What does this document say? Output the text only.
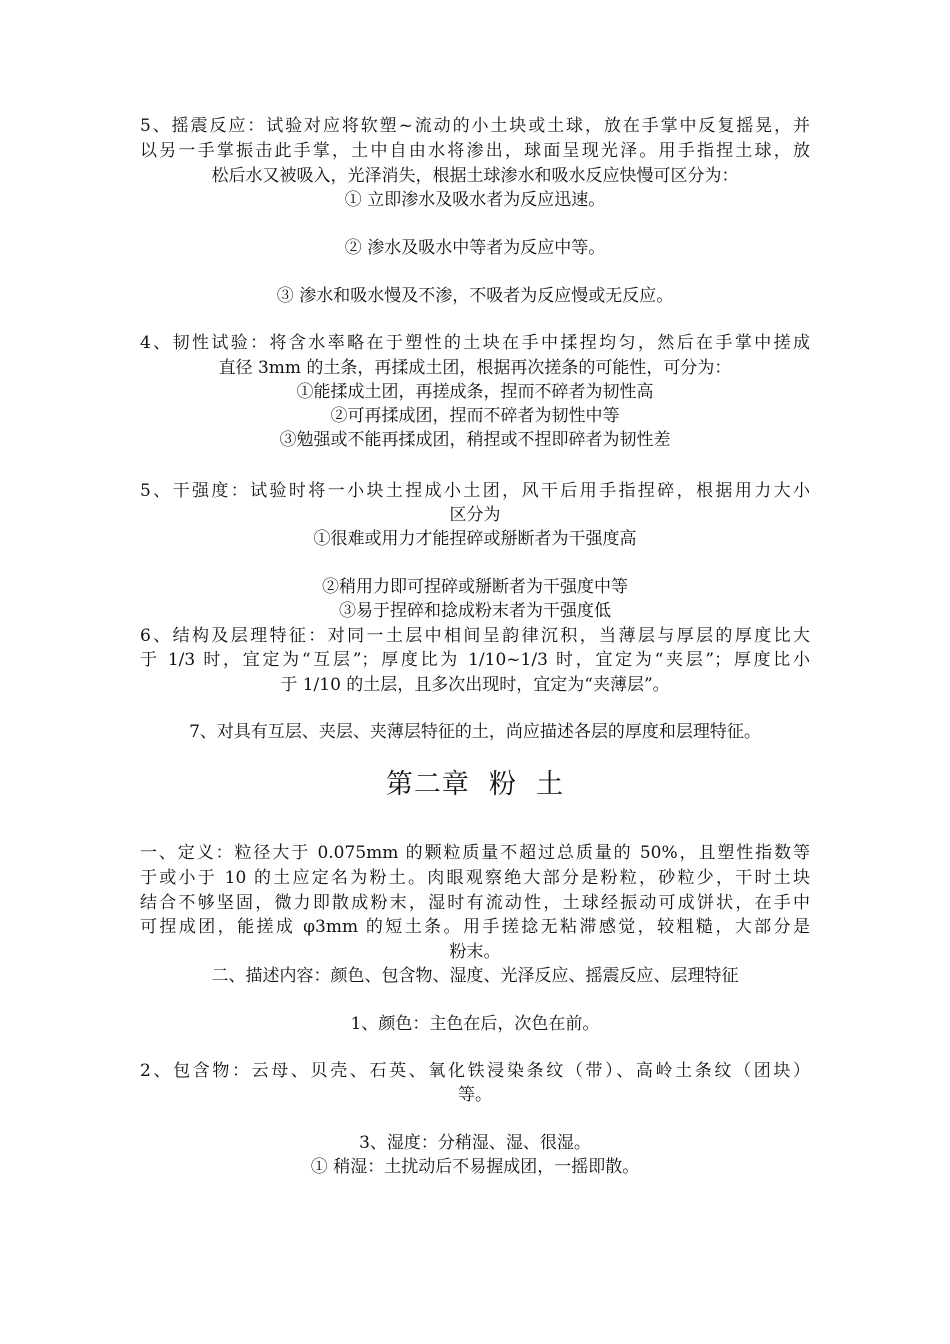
5、摇震反应：试验对应将软塑~流动的小土块或土球，放在手掌中反复摇晃，并
以另一手掌振击此手掌，土中自由水将渗出，球面呈现光泽。用手指捏土球，放
松后水又被吸入，光泽消失，根据土球渗水和吸水反应快慢可区分为：
① 立即渗水及吸水者为反应迅速。
② 渗水及吸水中等者为反应中等。
③ 渗水和吸水慢及不渗，不吸者为反应慢或无反应。
4、韧性试验：将含水率略在于塑性的土块在手中揉捏均匀，然后在手掌中搓成
直径 3mm 的土条，再揉成土团，根据再次搓条的可能性，可分为：
①能揉成土团，再搓成条，捏而不碎者为韧性高
②可再揉成团，捏而不碎者为韧性中等
③勉强或不能再揉成团，稍捏或不捏即碎者为韧性差
5、干强度：试验时将一小块土捏成小土团，风干后用手指捏碎，根据用力大小
区分为
①很难或用力才能捏碎或掰断者为干强度高
②稍用力即可捏碎或掰断者为干强度中等
③易于捏碎和捻成粉末者为干强度低
6、结构及层理特征：对同一土层中相间呈韵律沉积，当薄层与厚层的厚度比大
于 1/3 时，宜定为“互层”；厚度比为 1/10~1/3 时，宜定为“夹层”；厚度比小
于 1/10 的土层，且多次出现时，宜定为“夹薄层”。
7、对具有互层、夹层、夹薄层特征的土，尚应描述各层的厚度和层理特征。
第二章  粉  土
一、定义：粒径大于 0.075mm 的颗粒质量不超过总质量的 50%，且塑性指数等
于或小于 10 的土应定名为粉土。肉眼观察绝大部分是粉粒，砂粒少，干时土块
结合不够坚固，微力即散成粉末，湿时有流动性，土球经振动可成饼状，在手中
可捏成团，能搓成 φ3mm 的短土条。用手搓捻无粘滞感觉，较粗糙，大部分是
粉末。
二、描述内容：颜色、包含物、湿度、光泽反应、摇震反应、层理特征
1、颜色：主色在后，次色在前。
2、包含物：云母、贝壳、石英、氧化铁浸染条纹（带）、高岭土条纹（团块）
等。
3、湿度：分稍湿、湿、很湿。
① 稍湿：土扰动后不易握成团，一摇即散。
